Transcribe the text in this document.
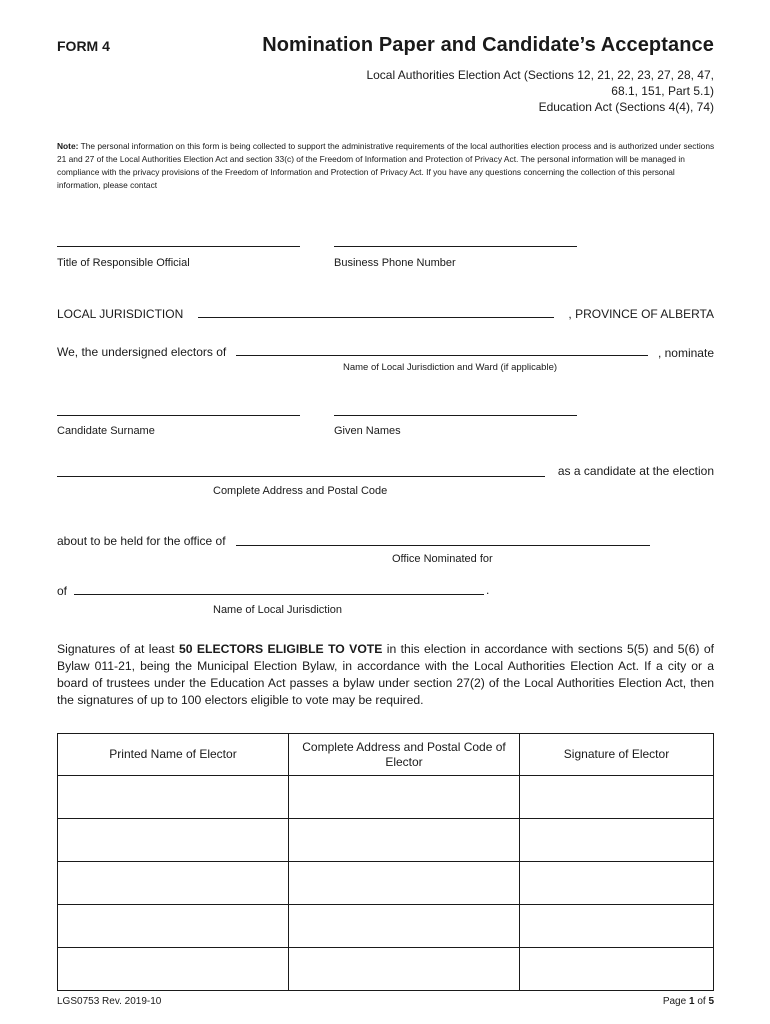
FORM 4	Nomination Paper and Candidate’s Acceptance
Local Authorities Election Act (Sections 12, 21, 22, 23, 27, 28, 47,
68.1, 151, Part 5.1)
Education Act (Sections 4(4), 74)
Note: The personal information on this form is being collected to support the administrative requirements of the local authorities election process and is authorized under sections 21 and 27 of the Local Authorities Election Act and section 33(c) of the Freedom of Information and Protection of Privacy Act. The personal information will be managed in compliance with the privacy provisions of the Freedom of Information and Protection of Privacy Act. If you have any questions concerning the collection of this personal information, please contact
Title of Responsible Official	Business Phone Number
LOCAL JURISDICTION	, PROVINCE OF ALBERTA
We, the undersigned electors of	, nominate
Name of Local Jurisdiction and Ward (if applicable)
Candidate Surname	Given Names
as a candidate at the election
Complete Address and Postal Code
about to be held for the office of
Office Nominated for
of	.
Name of Local Jurisdiction
Signatures of at least 50 ELECTORS ELIGIBLE TO VOTE in this election in accordance with sections 5(5) and 5(6) of Bylaw 011-21, being the Municipal Election Bylaw, in accordance with the Local Authorities Election Act. If a city or a board of trustees under the Education Act passes a bylaw under section 27(2) of the Local Authorities Election Act, then the signatures of up to 100 electors eligible to vote may be required.
Printed Name of Elector	Complete Address and Postal Code of Elector	Signature of Elector

LGS0753 Rev. 2019-10	Page 1 of 5
